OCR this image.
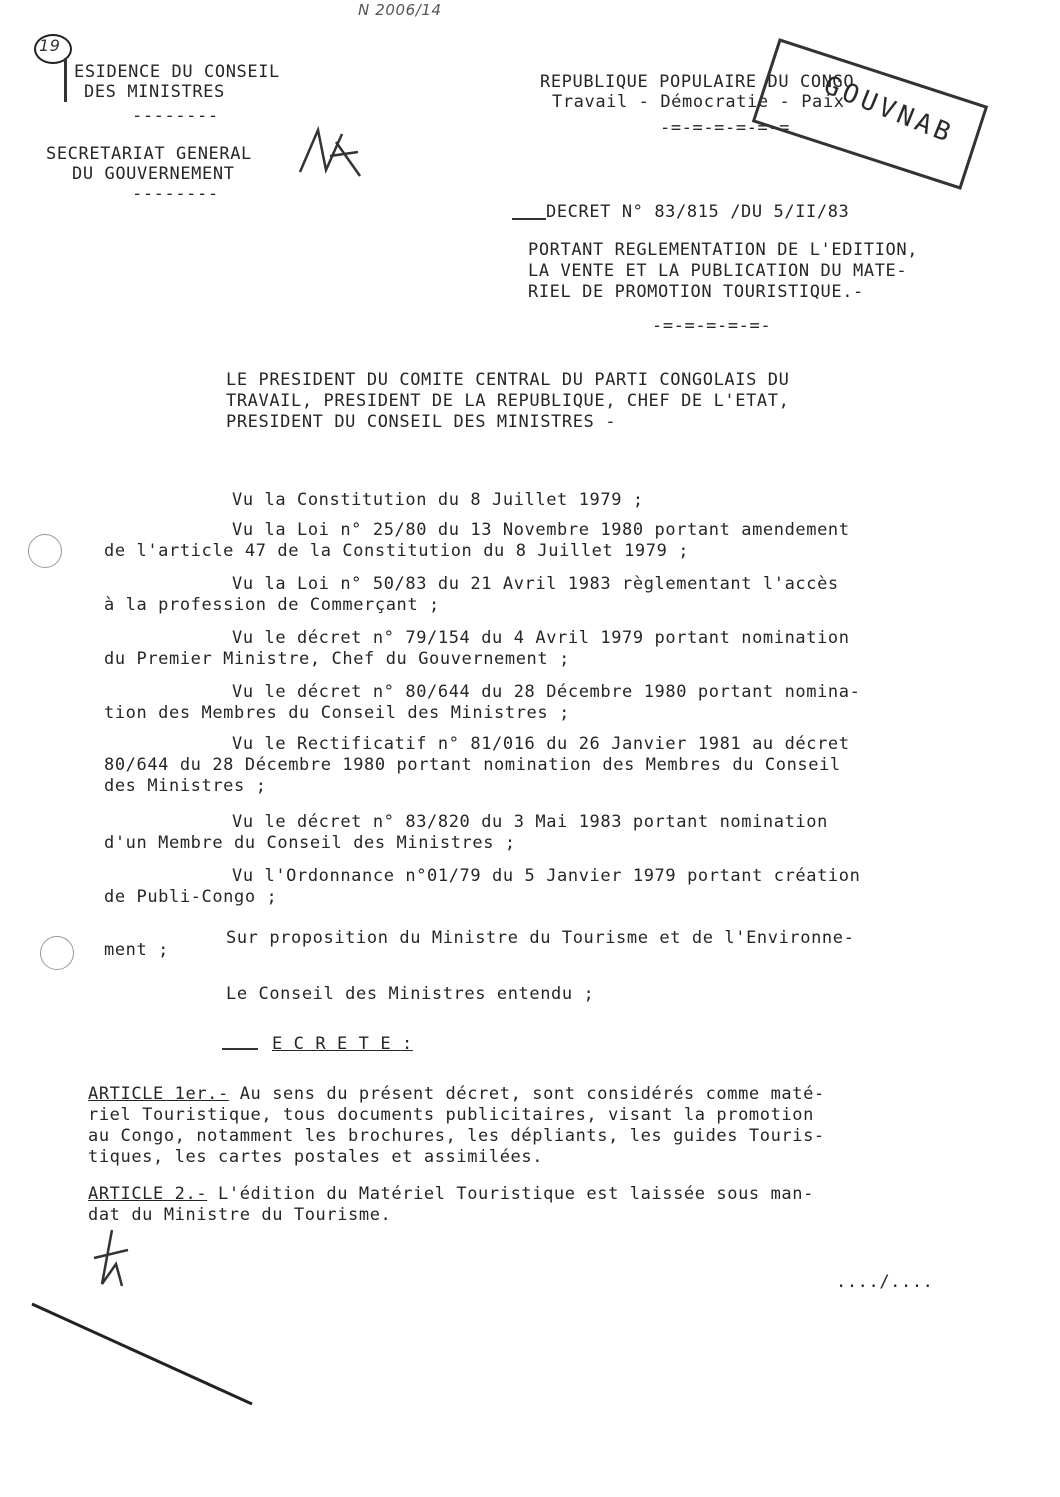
N 2006/14
19
ESIDENCE DU CONSEIL
DES MINISTRES
--------
SECRETARIAT GENERAL
DU GOUVERNEMENT
--------
REPUBLIQUE POPULAIRE DU CONGO
Travail - Démocratie - Paix
-=-=-=-=-=-= GOUVNAB
DECRET N° 83/815 /DU 5/II/83
PORTANT REGLEMENTATION DE L'EDITION,
LA VENTE ET LA PUBLICATION DU MATE-
RIEL DE PROMOTION TOURISTIQUE.-
-=-=-=-=-=-
LE PRESIDENT DU COMITE CENTRAL DU PARTI CONGOLAIS DU
TRAVAIL, PRESIDENT DE LA REPUBLIQUE, CHEF DE L'ETAT,
PRESIDENT DU CONSEIL DES MINISTRES -
Vu la Constitution du 8 Juillet 1979 ;
Vu la Loi n° 25/80 du 13 Novembre 1980 portant amendement
de l'article 47 de la Constitution du 8 Juillet 1979 ;
Vu la Loi n° 50/83 du 21 Avril 1983 règlementant l'accès
à la profession de Commerçant ;
Vu le décret n° 79/154 du 4 Avril 1979 portant nomination
du Premier Ministre, Chef du Gouvernement ;
Vu le décret n° 80/644 du 28 Décembre 1980 portant nomina-
tion des Membres du Conseil des Ministres ;
Vu le Rectificatif n° 81/016 du 26 Janvier 1981 au décret
80/644 du 28 Décembre 1980 portant nomination des Membres du Conseil
des Ministres ;
Vu le décret n° 83/820 du 3 Mai 1983 portant nomination
d'un Membre du Conseil des Ministres ;
Vu l'Ordonnance n°01/79 du 5 Janvier 1979 portant création
de Publi-Congo ;
Sur proposition du Ministre du Tourisme et de l'Environne-
ment ;
Le Conseil des Ministres entendu ;
E C R E T E :
ARTICLE 1er.- Au sens du présent décret, sont considérés comme maté-
riel Touristique, tous documents publicitaires, visant la promotion
au Congo, notamment les brochures, les dépliants, les guides Touris-
tiques, les cartes postales et assimilées.
ARTICLE 2.- L'édition du Matériel Touristique est laissée sous man-
dat du Ministre du Tourisme.
..../....
